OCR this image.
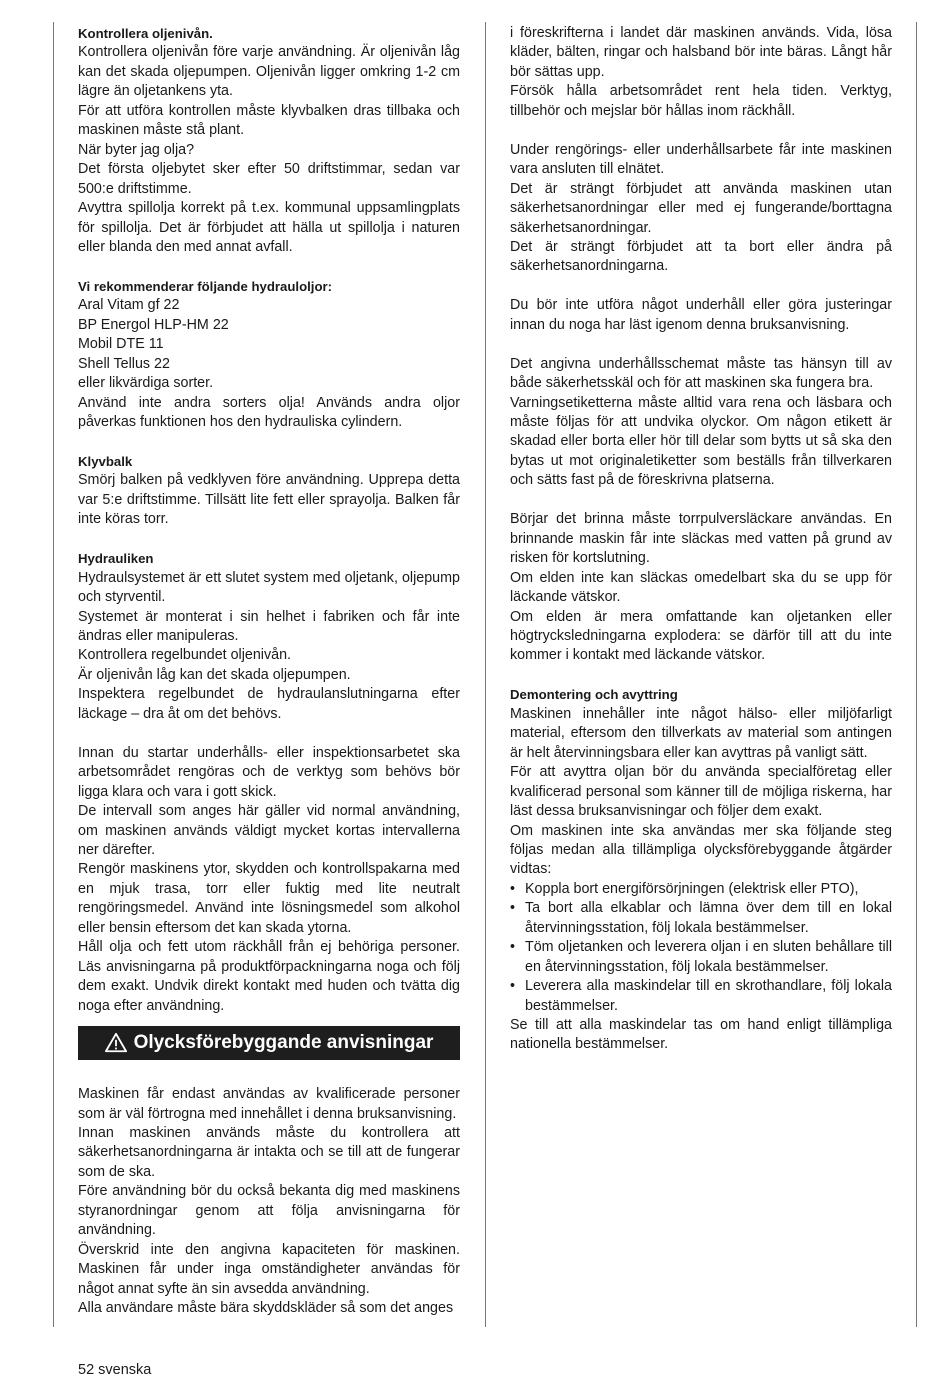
Kontrollera oljenivån.
Kontrollera oljenivån före varje användning. Är oljenivån låg kan det skada oljepumpen. Oljenivån ligger omkring 1-2 cm lägre än oljetankens yta.
För att utföra kontrollen måste klyvbalken dras tillbaka och maskinen måste stå plant.
När byter jag olja?
Det första oljebytet sker efter 50 driftstimmar, sedan var 500:e driftstimme.
Avyttra spillolja korrekt på t.ex. kommunal uppsamlingplats för spillolja. Det är förbjudet att hälla ut spillolja i naturen eller blanda den med annat avfall.
Vi rekommenderar följande hydrauloljor:
Aral Vitam gf 22
BP Energol HLP-HM 22
Mobil DTE 11
Shell Tellus 22
eller likvärdiga sorter.
Använd inte andra sorters olja! Används andra oljor påverkas funktionen hos den hydrauliska cylindern.
Klyvbalk
Smörj balken på vedklyven före användning. Upprepa detta var 5:e driftstimme. Tillsätt lite fett eller sprayolja. Balken får inte köras torr.
Hydrauliken
Hydraulsystemet är ett slutet system med oljetank, oljepump och styrventil.
Systemet är monterat i sin helhet i fabriken och får inte ändras eller manipuleras.
Kontrollera regelbundet oljenivån.
Är oljenivån låg kan det skada oljepumpen.
Inspektera regelbundet de hydraulanslutningarna efter läckage – dra åt om det behövs.
Innan du startar underhålls- eller inspektionsarbetet ska arbetsområdet rengöras och de verktyg som behövs bör ligga klara och vara i gott skick.
De intervall som anges här gäller vid normal användning, om maskinen används väldigt mycket kortas intervallerna ner därefter.
Rengör maskinens ytor, skydden och kontrollspakarna med en mjuk trasa, torr eller fuktig med lite neutralt rengöringsmedel. Använd inte lösningsmedel som alkohol eller bensin eftersom det kan skada ytorna.
Håll olja och fett utom räckhåll från ej behöriga personer. Läs anvisningarna på produktförpackningarna noga och följ dem exakt. Undvik direkt kontakt med huden och tvätta dig noga efter användning.
Olycksförebyggande anvisningar
Maskinen får endast användas av kvalificerade personer som är väl förtrogna med innehållet i denna bruksanvisning.
Innan maskinen används måste du kontrollera att säkerhetsanordningarna är intakta och se till att de fungerar som de ska.
Före användning bör du också bekanta dig med maskinens styranordningar genom att följa anvisningarna för användning.
Överskrid inte den angivna kapaciteten för maskinen. Maskinen får under inga omständigheter användas för något annat syfte än sin avsedda användning.
Alla användare måste bära skyddskläder så som det anges
i föreskrifterna i landet där maskinen används. Vida, lösa kläder, bälten, ringar och halsband bör inte bäras. Långt hår bör sättas upp.
Försök hålla arbetsområdet rent hela tiden. Verktyg, tillbehör och mejslar bör hållas inom räckhåll.
Under rengörings- eller underhållsarbete får inte maskinen vara ansluten till elnätet.
Det är strängt förbjudet att använda maskinen utan säkerhetsanordningar eller med ej fungerande/borttagna säkerhetsanordningar.
Det är strängt förbjudet att ta bort eller ändra på säkerhetsanordningarna.
Du bör inte utföra något underhåll eller göra justeringar innan du noga har läst igenom denna bruksanvisning.
Det angivna underhållsschemat måste tas hänsyn till av både säkerhetsskäl och för att maskinen ska fungera bra.
Varningsetiketterna måste alltid vara rena och läsbara och måste följas för att undvika olyckor. Om någon etikett är skadad eller borta eller hör till delar som bytts ut så ska den bytas ut mot originaletiketter som beställs från tillverkaren och sätts fast på de föreskrivna platserna.
Börjar det brinna måste torrpulversläckare användas. En brinnande maskin får inte släckas med vatten på grund av risken för kortslutning.
Om elden inte kan släckas omedelbart ska du se upp för läckande vätskor.
Om elden är mera omfattande kan oljetanken eller högtrycksledningarna explodera: se därför till att du inte kommer i kontakt med läckande vätskor.
Demontering och avyttring
Maskinen innehåller inte något hälso- eller miljöfarligt material, eftersom den tillverkats av material som antingen är helt återvinningsbara eller kan avyttras på vanligt sätt.
För att avyttra oljan bör du använda specialföretag eller kvalificerad personal som känner till de möjliga riskerna, har läst dessa bruksanvisningar och följer dem exakt.
Om maskinen inte ska användas mer ska följande steg följas medan alla tillämpliga olycksförebyggande åtgärder vidtas:
• Koppla bort energiförsörjningen (elektrisk eller PTO),
• Ta bort alla elkablar och lämna över dem till en lokal återvinningsstation, följ lokala bestämmelser.
• Töm oljetanken och leverera oljan i en sluten behållare till en återvinningsstation, följ lokala bestämmelser.
• Leverera alla maskindelar till en skrothandlare, följ lokala bestämmelser.
Se till att alla maskindelar tas om hand enligt tillämpliga nationella bestämmelser.
52 svenska
